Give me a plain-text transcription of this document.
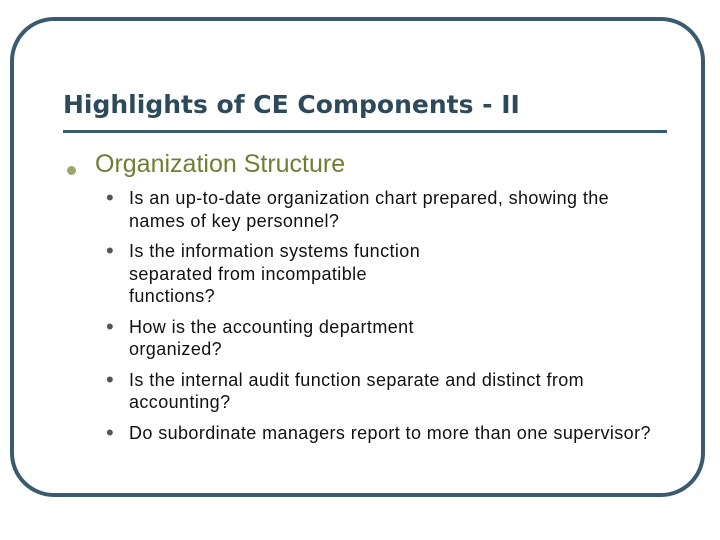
Highlights of CE Components - II
Organization Structure
• Is an up-to-date organization chart prepared, showing the names of key personnel?
• Is the information systems function separated from incompatible functions?
• How is the accounting department organized?
• Is the internal audit function separate and distinct from accounting?
• Do subordinate managers report to more than one supervisor?
